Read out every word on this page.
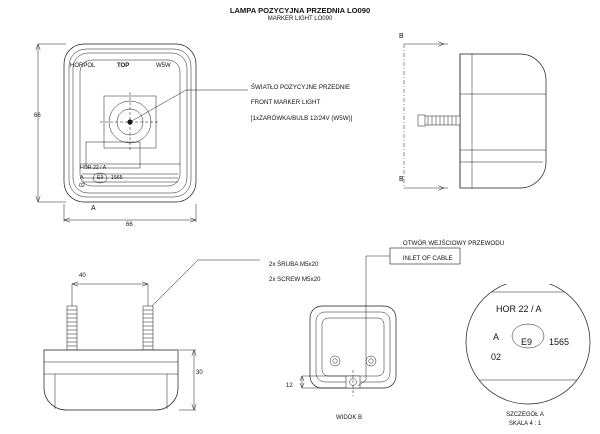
LAMPA POZYCYJNA PRZEDNIA LO090
MARKER LIGHT LO090
HORPOL	TOP	W5W
HOR 22 / A
A
02
E9 1565
66
66
A

ŚWIATŁO POZYCYJNE PRZEDNIE

FRONT MARKER LIGHT

[1xŻARÓWKA/BULB 12/24V (W5W)]

B
B
40
30

2x ŚRUBA M5x20

2x SCREW M5x20

12
WIDOK B

OTWÓR WEJŚCIOWY PRZEWODU

INLET OF CABLE

HOR 22 / A
A
02
E9 1565
SZCZEGÓŁ A
SKALA 4 : 1
